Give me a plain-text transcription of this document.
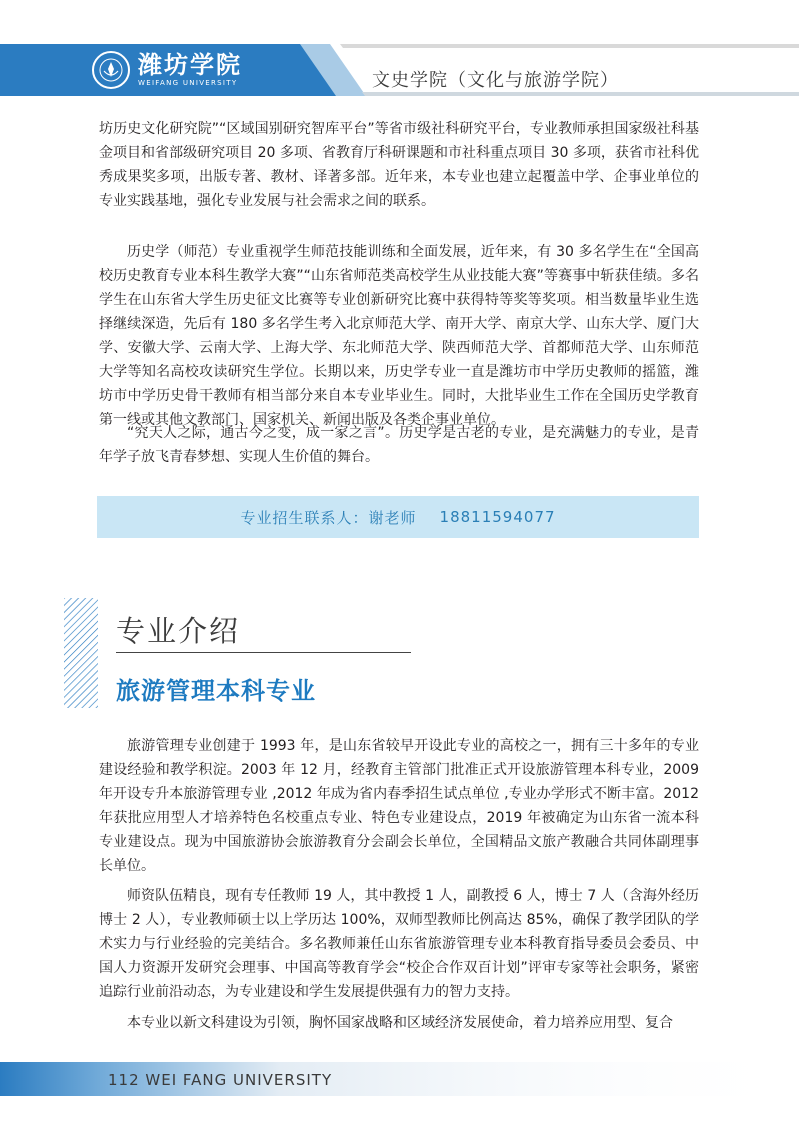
潍坊学院
WEIFANG UNIVERSITY	文史学院（文化与旅游学院）

坊历史文化研究院”“区域国别研究智库平台”等省市级社科研究平台，专业教师承担国家级社科基金项目和省部级研究项目 20 多项、省教育厅科研课题和市社科重点项目 30 多项，获省市社科优秀成果奖多项，出版专著、教材、译著多部。近年来，本专业也建立起覆盖中学、企事业单位的专业实践基地，强化专业发展与社会需求之间的联系。

历史学（师范）专业重视学生师范技能训练和全面发展，近年来，有 30 多名学生在“全国高校历史教育专业本科生教学大赛”“山东省师范类高校学生从业技能大赛”等赛事中斩获佳绩。多名学生在山东省大学生历史征文比赛等专业创新研究比赛中获得特等奖等奖项。相当数量毕业生选择继续深造，先后有 180 多名学生考入北京师范大学、南开大学、南京大学、山东大学、厦门大学、安徽大学、云南大学、上海大学、东北师范大学、陕西师范大学、首都师范大学、山东师范大学等知名高校攻读研究生学位。长期以来，历史学专业一直是潍坊市中学历史教师的摇篮，潍坊市中学历史骨干教师有相当部分来自本专业毕业生。同时，大批毕业生工作在全国历史学教育第一线或其他文教部门、国家机关、新闻出版及各类企事业单位。

“究天人之际，通古今之变，成一家之言”。历史学是古老的专业，是充满魅力的专业，是青年学子放飞青春梦想、实现人生价值的舞台。

专业招生联系人：谢老师
18811594077
专业介绍
旅游管理本科专业

旅游管理专业创建于 1993 年，是山东省较早开设此专业的高校之一，拥有三十多年的专业建设经验和教学积淀。2003 年 12 月，经教育主管部门批准正式开设旅游管理本科专业，2009 年开设专升本旅游管理专业 ,2012 年成为省内春季招生试点单位 ,专业办学形式不断丰富。2012 年获批应用型人才培养特色名校重点专业、特色专业建设点，2019 年被确定为山东省一流本科专业建设点。现为中国旅游协会旅游教育分会副会长单位，全国精品文旅产教融合共同体副理事长单位。

师资队伍精良，现有专任教师 19 人，其中教授 1 人，副教授 6 人，博士 7 人（含海外经历博士 2 人），专业教师硕士以上学历达 100%，双师型教师比例高达 85%，确保了教学团队的学术实力与行业经验的完美结合。多名教师兼任山东省旅游管理专业本科教育指导委员会委员、中国人力资源开发研究会理事、中国高等教育学会“校企合作双百计划”评审专家等社会职务，紧密追踪行业前沿动态，为专业建设和学生发展提供强有力的智力支持。

本专业以新文科建设为引领，胸怀国家战略和区域经济发展使命，着力培养应用型、复合

112 WEI FANG UNIVERSITY
